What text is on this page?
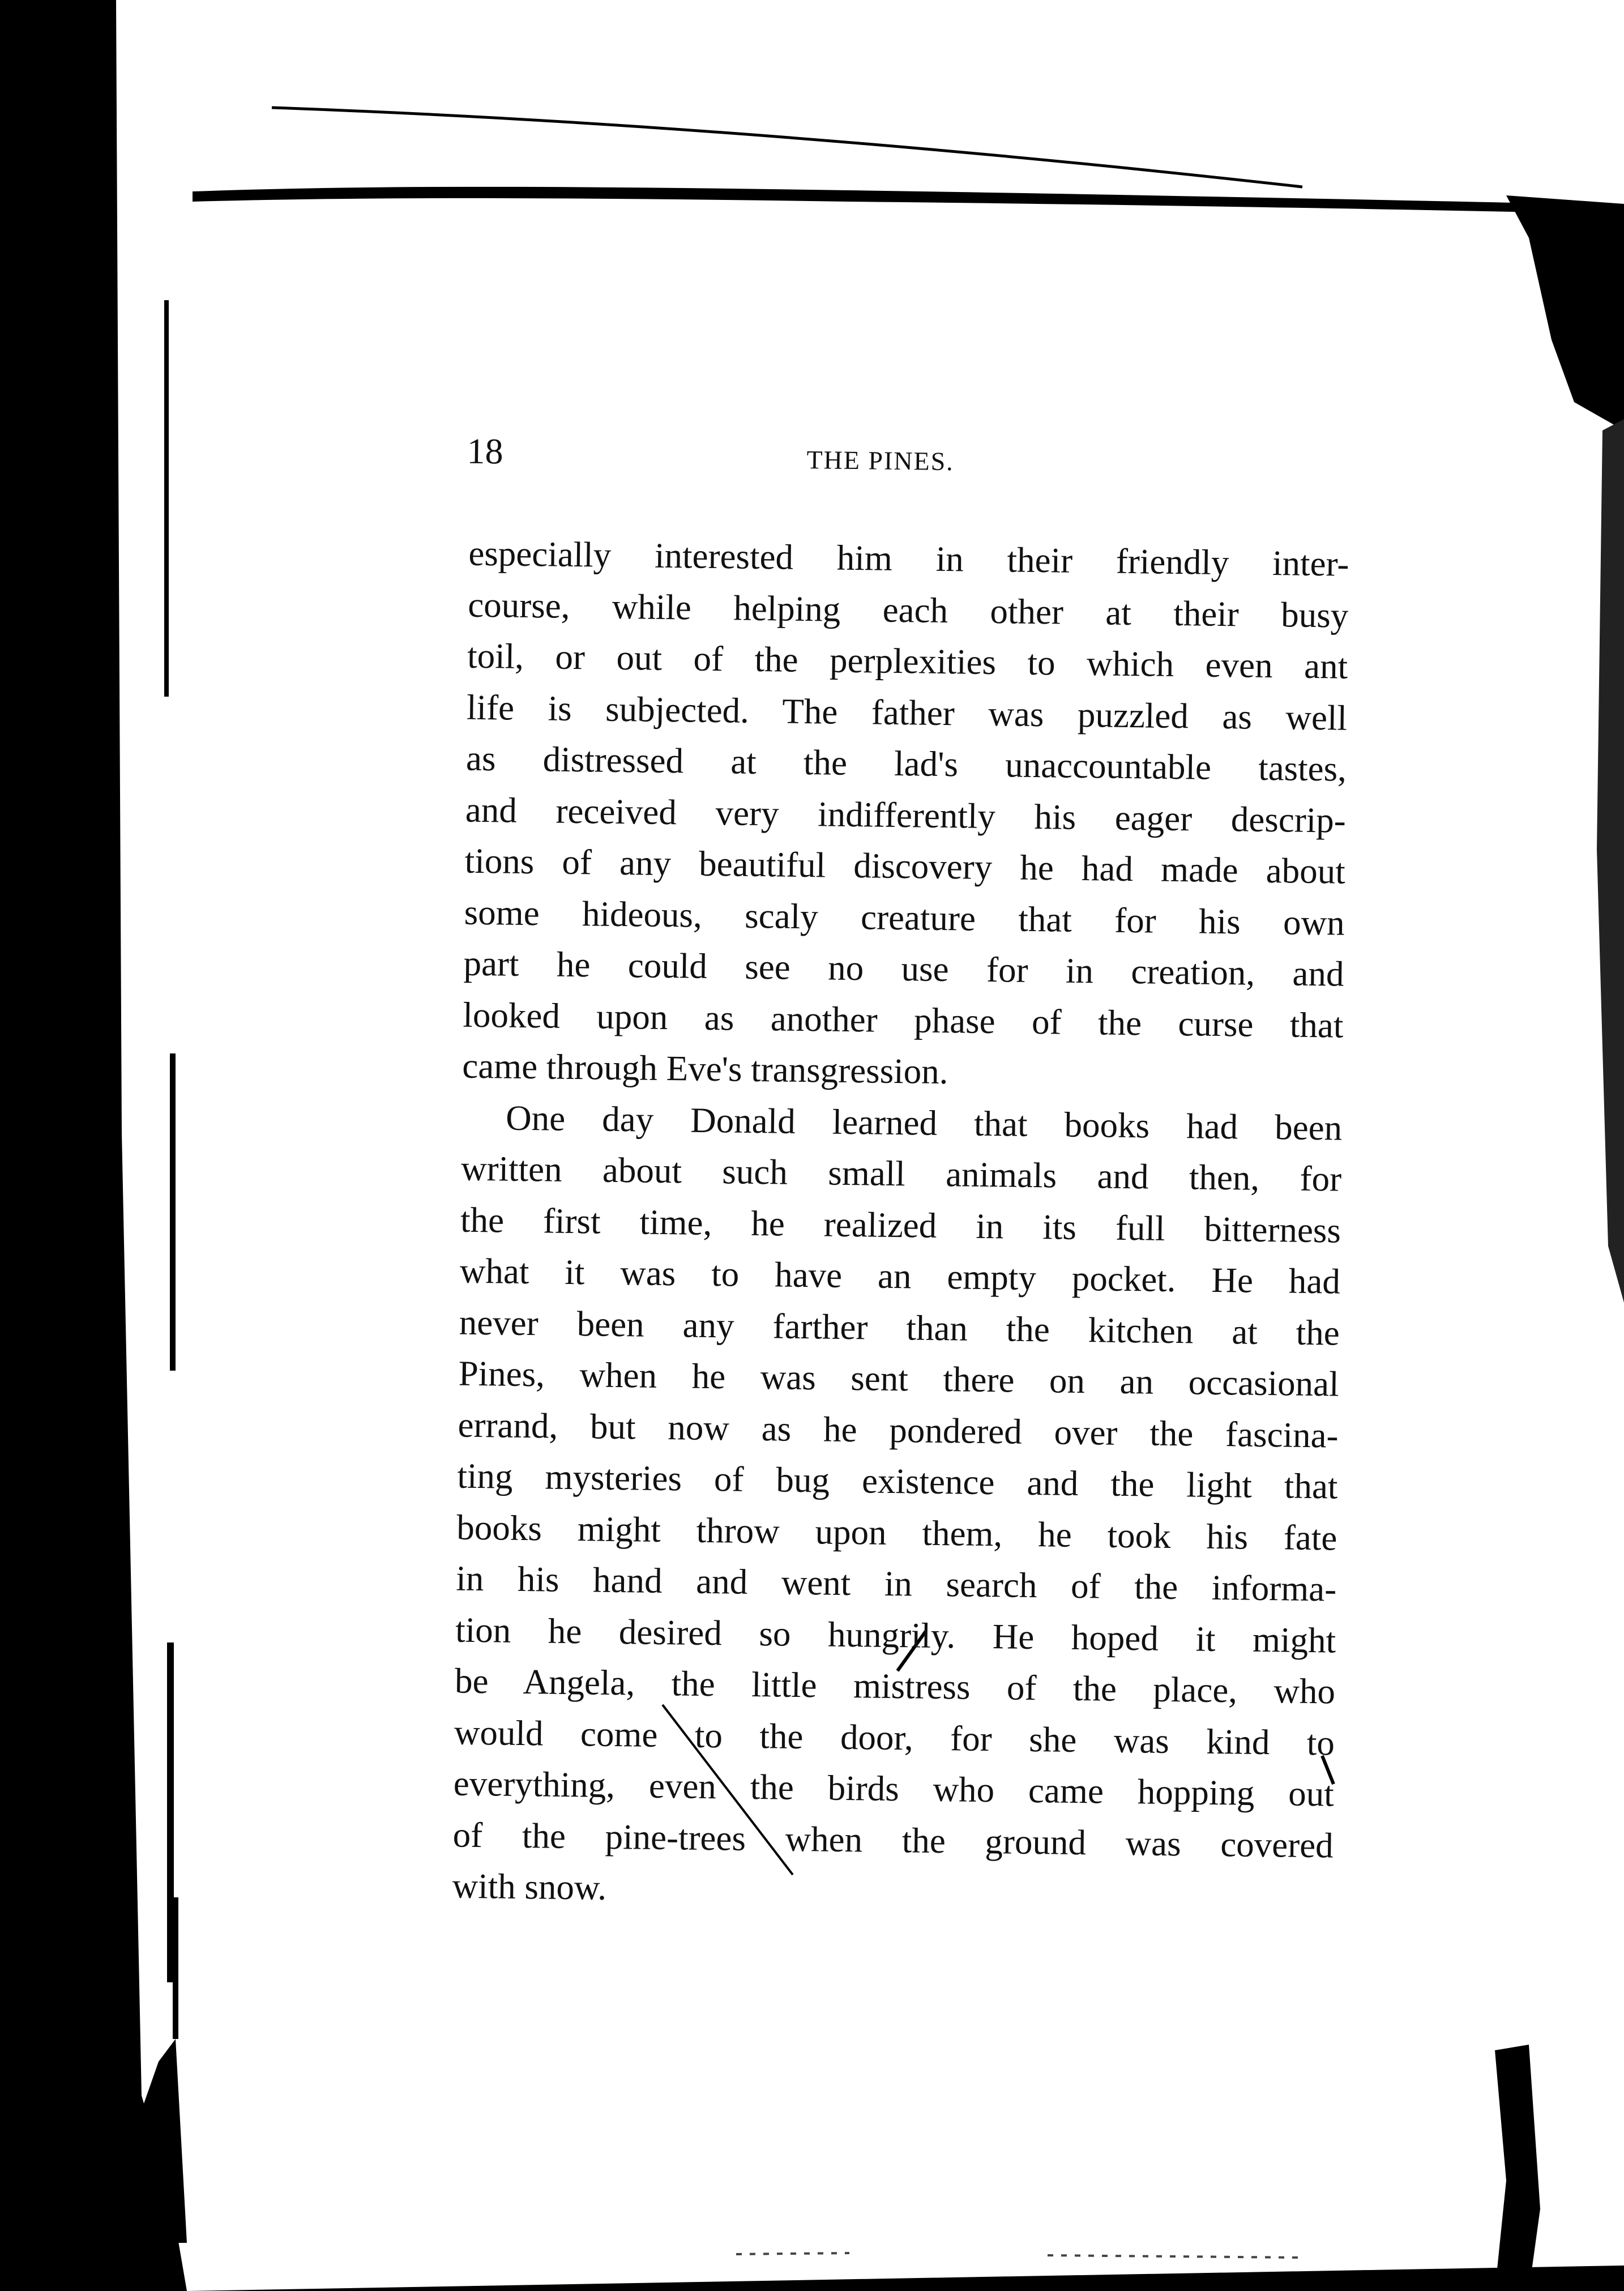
18	THE PINES.
especially interested him in their friendly inter-
course, while helping each other at their busy
toil, or out of the perplexities to which even ant
life is subjected. The father was puzzled as well
as distressed at the lad's unaccountable tastes,
and received very indifferently his eager descrip-
tions of any beautiful discovery he had made about
some hideous, scaly creature that for his own
part he could see no use for in creation, and
looked upon as another phase of the curse that
came through Eve's transgression.
One day Donald learned that books had been
written about such small animals and then, for
the first time, he realized in its full bitterness
what it was to have an empty pocket. He had
never been any farther than the kitchen at the
Pines, when he was sent there on an occasional
errand, but now as he pondered over the fascina-
ting mysteries of bug existence and the light that
books might throw upon them, he took his fate
in his hand and went in search of the informa-
tion he desired so hungrily. He hoped it might
be Angela, the little mistress of the place, who
would come to the door, for she was kind to
everything, even the birds who came hopping out
of the pine-trees when the ground was covered
with snow.
